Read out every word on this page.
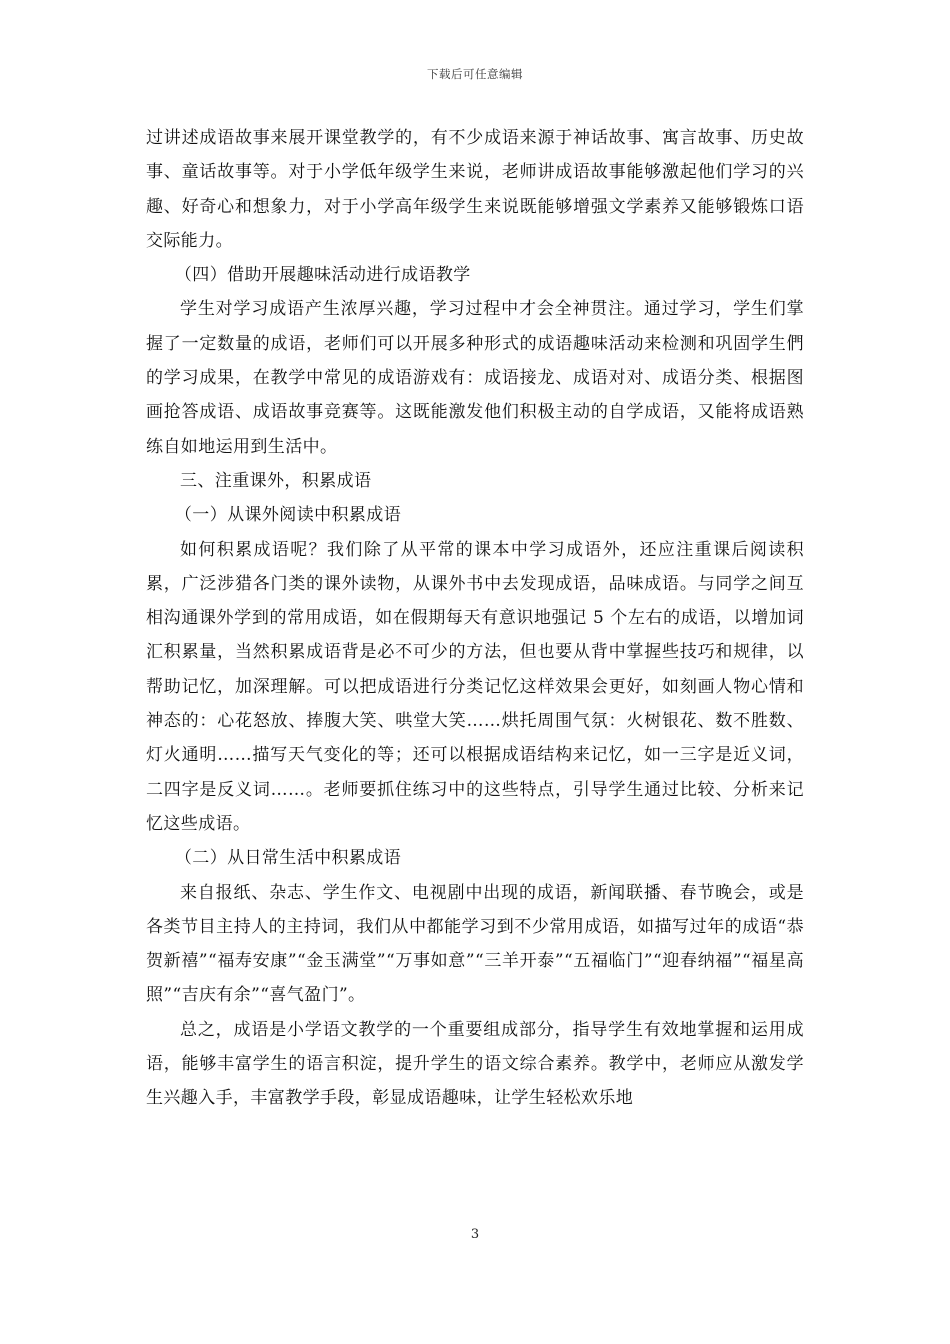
下载后可任意编辑

过讲述成语故事来展开课堂教学的，有不少成语来源于神话故事、寓言故事、历史故事、童话故事等。对于小学低年级学生来说，老师讲成语故事能够激起他们学习的兴趣、好奇心和想象力，对于小学高年级学生来说既能够增强文学素养又能够锻炼口语交际能力。

（四）借助开展趣味活动进行成语教学

学生对学习成语产生浓厚兴趣，学习过程中才会全神贯注。通过学习，学生们掌握了一定数量的成语，老师们可以开展多种形式的成语趣味活动来检测和巩固学生們的学习成果，在教学中常见的成语游戏有：成语接龙、成语对对、成语分类、根据图画抢答成语、成语故事竞赛等。这既能激发他们积极主动的自学成语，又能将成语熟练自如地运用到生活中。

三、注重课外，积累成语

（一）从课外阅读中积累成语

如何积累成语呢？我们除了从平常的课本中学习成语外，还应注重课后阅读积累，广泛涉猎各门类的课外读物，从课外书中去发现成语，品味成语。与同学之间互相沟通课外学到的常用成语，如在假期每天有意识地强记 5 个左右的成语，以增加词汇积累量，当然积累成语背是必不可少的方法，但也要从背中掌握些技巧和规律，以帮助记忆，加深理解。可以把成语进行分类记忆这样效果会更好，如刻画人物心情和神态的：心花怒放、捧腹大笑、哄堂大笑……烘托周围气氛：火树银花、数不胜数、灯火通明……描写天气变化的等；还可以根据成语结构来记忆，如一三字是近义词，二四字是反义词……。老师要抓住练习中的这些特点，引导学生通过比较、分析来记忆这些成语。

（二）从日常生活中积累成语

来自报纸、杂志、学生作文、电视剧中出现的成语，新闻联播、春节晚会，或是各类节目主持人的主持词，我们从中都能学习到不少常用成语，如描写过年的成语“恭贺新禧”“福寿安康”“金玉满堂”“万事如意”“三羊开泰”“五福临门”“迎春纳福”“福星高照”“吉庆有余”“喜气盈门”。

总之，成语是小学语文教学的一个重要组成部分，指导学生有效地掌握和运用成语，能够丰富学生的语言积淀，提升学生的语文综合素养。教学中，老师应从激发学生兴趣入手，丰富教学手段，彰显成语趣味，让学生轻松欢乐地

3
